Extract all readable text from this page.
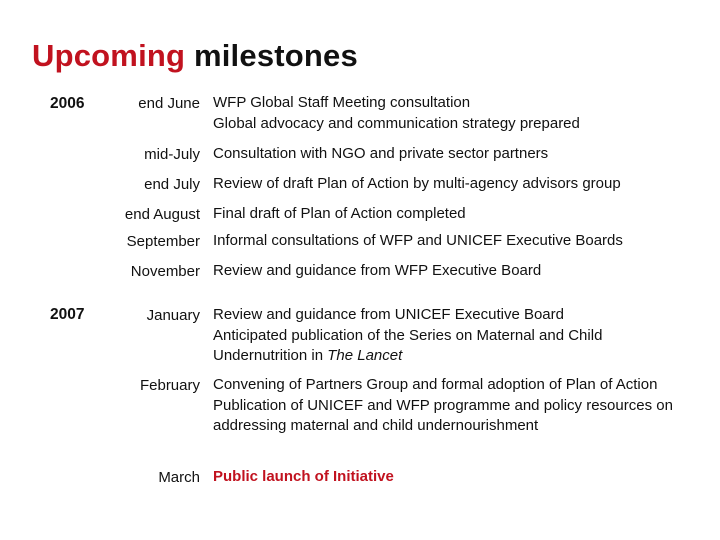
Upcoming milestones
2006
2007
end June WFP Global Staff Meeting consultation
Global advocacy and communication strategy prepared
mid-July Consultation with NGO and private sector partners
end July Review of draft Plan of Action by multi-agency advisors group
end August Final draft of Plan of Action completed
September Informal consultations of WFP and UNICEF Executive Boards
November Review and guidance from WFP Executive Board
January Review and guidance from UNICEF Executive Board
Anticipated publication of the Series on Maternal and Child Undernutrition in The Lancet
February Convening of Partners Group and formal adoption of Plan of Action
Publication of UNICEF and WFP programme and policy resources on addressing maternal and child undernourishment
March Public launch of Initiative
